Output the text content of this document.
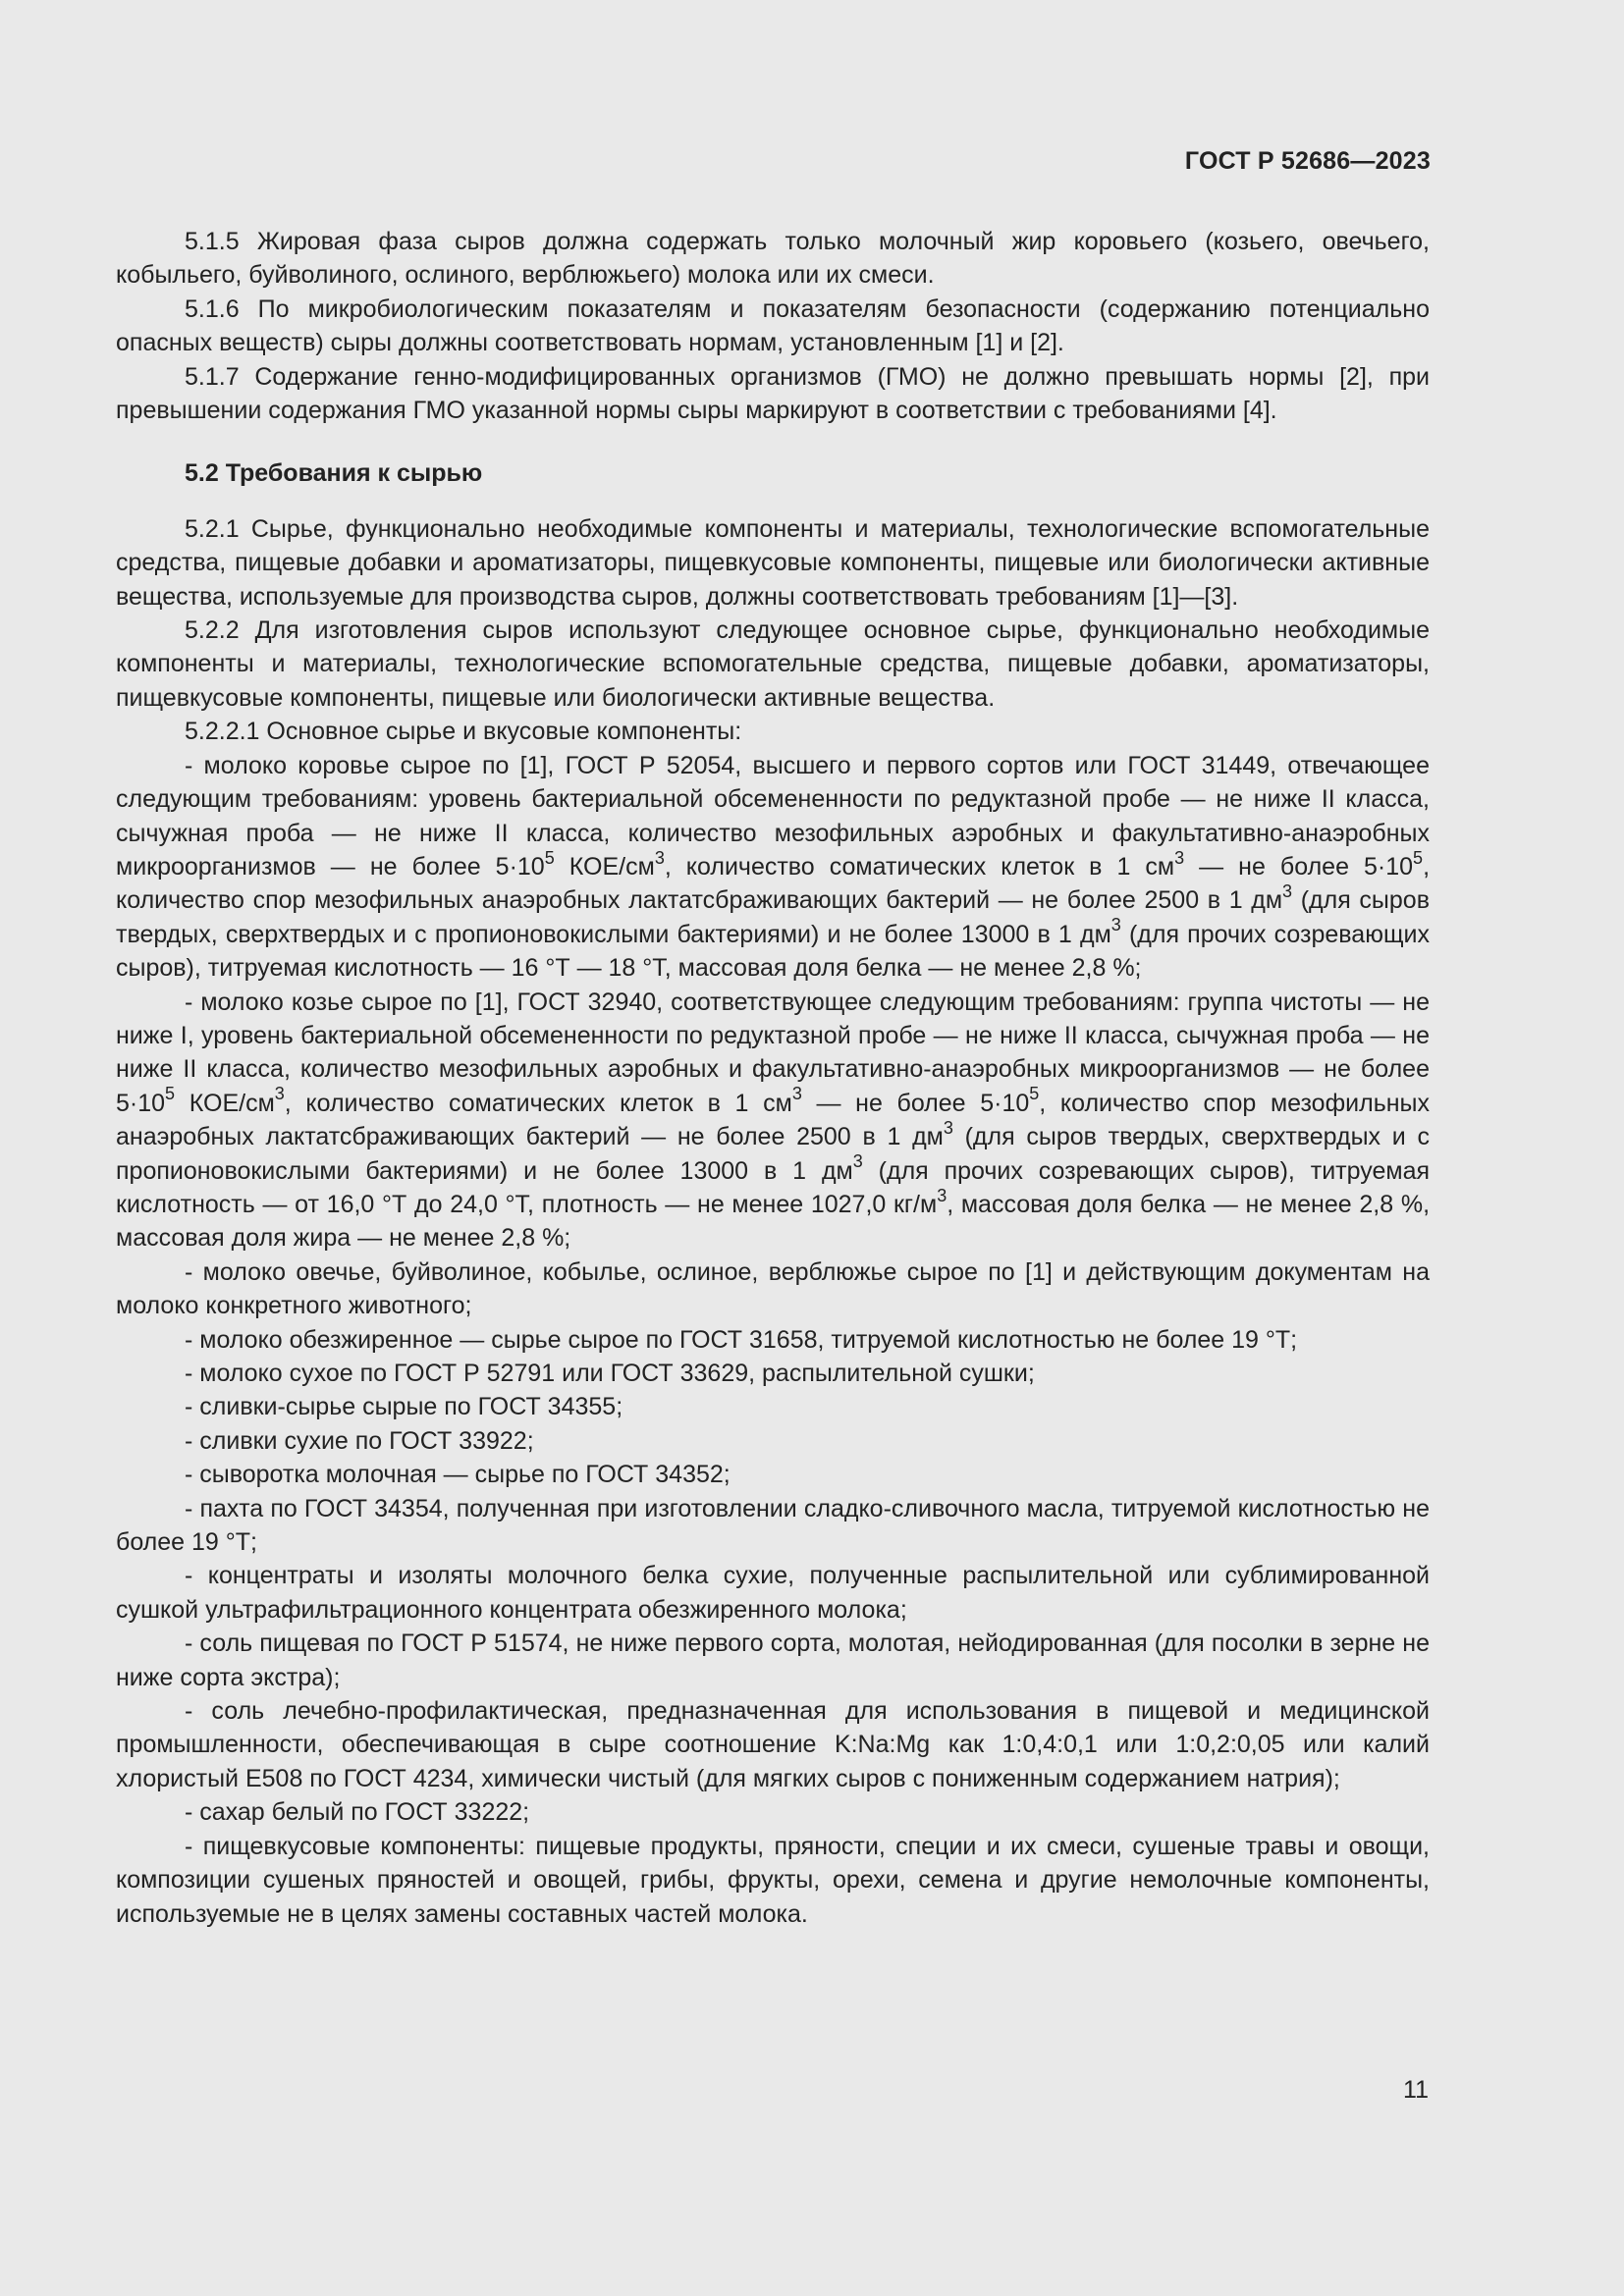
ГОСТ Р 52686—2023

5.1.5 Жировая фаза сыров должна содержать только молочный жир коровьего (козьего, овечьего, кобыльего, буйволиного, ослиного, верблюжьего) молока или их смеси.

5.1.6 По микробиологическим показателям и показателям безопасности (содержанию потенциально опасных веществ) сыры должны соответствовать нормам, установленным [1] и [2].

5.1.7 Содержание генно-модифицированных организмов (ГМО) не должно превышать нормы [2], при превышении содержания ГМО указанной нормы сыры маркируют в соответствии с требованиями [4].

5.2 Требования к сырью

5.2.1 Сырье, функционально необходимые компоненты и материалы, технологические вспомогательные средства, пищевые добавки и ароматизаторы, пищевкусовые компоненты, пищевые или биологически активные вещества, используемые для производства сыров, должны соответствовать требованиям [1]—[3].

5.2.2 Для изготовления сыров используют следующее основное сырье, функционально необходимые компоненты и материалы, технологические вспомогательные средства, пищевые добавки, ароматизаторы, пищевкусовые компоненты, пищевые или биологически активные вещества.

5.2.2.1 Основное сырье и вкусовые компоненты:

- молоко коровье сырое по [1], ГОСТ Р 52054, высшего и первого сортов или ГОСТ 31449, отвечающее следующим требованиям: уровень бактериальной обсемененности по редуктазной пробе — не ниже II класса, сычужная проба — не ниже II класса, количество мезофильных аэробных и факультативно-анаэробных микроорганизмов — не более $5\cdot 10^5$ КОЕ/$см^3$, количество соматических клеток в 1 $см^3$ — не более $5\cdot 10^5$, количество спор мезофильных анаэробных лактатсбраживающих бактерий — не более 2500 в 1 $дм^3$ (для сыров твердых, сверхтвердых и с пропионовокислыми бактериями) и не более 13000 в 1 $дм^3$ (для прочих созревающих сыров), титруемая кислотность — 16 °Т — 18 °Т, массовая доля белка — не менее 2,8 %;

- молоко козье сырое по [1], ГОСТ 32940, соответствующее следующим требованиям: группа чистоты — не ниже I, уровень бактериальной обсемененности по редуктазной пробе — не ниже II класса, сычужная проба — не ниже II класса, количество мезофильных аэробных и факультативно-анаэробных микроорганизмов — не более $5\cdot 10^5$ КОЕ/$см^3$, количество соматических клеток в 1 $см^3$ — не более $5\cdot 10^5$, количество спор мезофильных анаэробных лактатсбраживающих бактерий — не более 2500 в 1 $дм^3$ (для сыров твердых, сверхтвердых и с пропионовокислыми бактериями) и не более 13000 в 1 $дм^3$ (для прочих созревающих сыров), титруемая кислотность — от 16,0 °Т до 24,0 °Т, плотность — не менее 1027,0 $кг/м^3$, массовая доля белка — не менее 2,8 %, массовая доля жира — не менее 2,8 %;

- молоко овечье, буйволиное, кобылье, ослиное, верблюжье сырое по [1] и действующим документам на молоко конкретного животного;

- молоко обезжиренное — сырье сырое по ГОСТ 31658, титруемой кислотностью не более 19 °Т;

- молоко сухое по ГОСТ Р 52791 или ГОСТ 33629, распылительной сушки;

- сливки-сырье сырые по ГОСТ 34355;

- сливки сухие по ГОСТ 33922;

- сыворотка молочная — сырье по ГОСТ 34352;

- пахта по ГОСТ 34354, полученная при изготовлении сладко-сливочного масла, титруемой кислотностью не более 19 °Т;

- концентраты и изоляты молочного белка сухие, полученные распылительной или сублимированной сушкой ультрафильтрационного концентрата обезжиренного молока;

- соль пищевая по ГОСТ Р 51574, не ниже первого сорта, молотая, нейодированная (для посолки в зерне не ниже сорта экстра);

- соль лечебно-профилактическая, предназначенная для использования в пищевой и медицинской промышленности, обеспечивающая в сыре соотношение K:Na:Mg как 1:0,4:0,1 или 1:0,2:0,05 или калий хлористый E508 по ГОСТ 4234, химически чистый (для мягких сыров с пониженным содержанием натрия);

- сахар белый по ГОСТ 33222;

- пищевкусовые компоненты: пищевые продукты, пряности, специи и их смеси, сушеные травы и овощи, композиции сушеных пряностей и овощей, грибы, фрукты, орехи, семена и другие немолочные компоненты, используемые не в целях замены составных частей молока.

11
